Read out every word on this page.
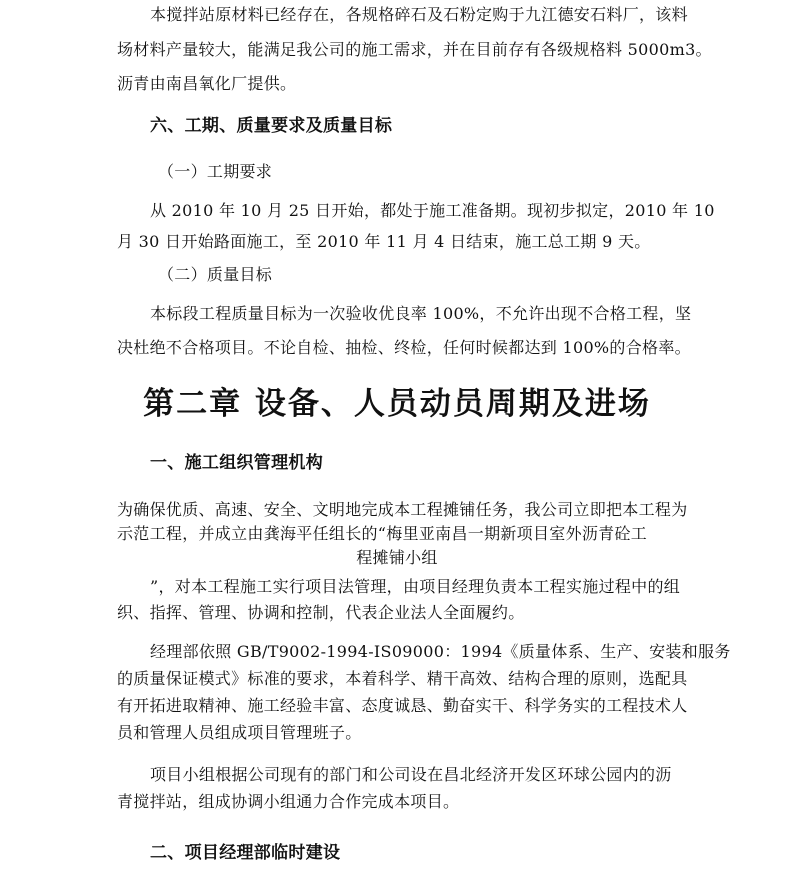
本搅拌站原材料已经存在，各规格碎石及石粉定购于九江德安石料厂，该料

场材料产量较大，能满足我公司的施工需求，并在目前存有各级规格料 5000m3。

沥青由南昌氧化厂提供。

六、工期、质量要求及质量目标

（一）工期要求

从 2010 年 10 月 25 日开始，都处于施工准备期。现初步拟定，2010 年 10

月 30 日开始路面施工，至 2010 年 11 月 4 日结束，施工总工期 9 天。

（二）质量目标

本标段工程质量目标为一次验收优良率 100%，不允许出现不合格工程，坚

决杜绝不合格项目。不论自检、抽检、终检，任何时候都达到 100%的合格率。

第二章 设备、人员动员周期及进场

一、施工组织管理机构

为确保优质、高速、安全、文明地完成本工程摊铺任务，我公司立即把本工程为

示范工程，并成立由龚海平任组长的“梅里亚南昌一期新项目室外沥青砼工

程摊铺小组

”，对本工程施工实行项目法管理，由项目经理负责本工程实施过程中的组

织、指挥、管理、协调和控制，代表企业法人全面履约。

经理部依照 GB/T9002-1994-IS09000：1994《质量体系、生产、安装和服务

的质量保证模式》标准的要求，本着科学、精干高效、结构合理的原则，选配具

有开拓进取精神、施工经验丰富、态度诚恳、勤奋实干、科学务实的工程技术人

员和管理人员组成项目管理班子。

项目小组根据公司现有的部门和公司设在昌北经济开发区环球公园内的沥

青搅拌站，组成协调小组通力合作完成本项目。

二、项目经理部临时建设
